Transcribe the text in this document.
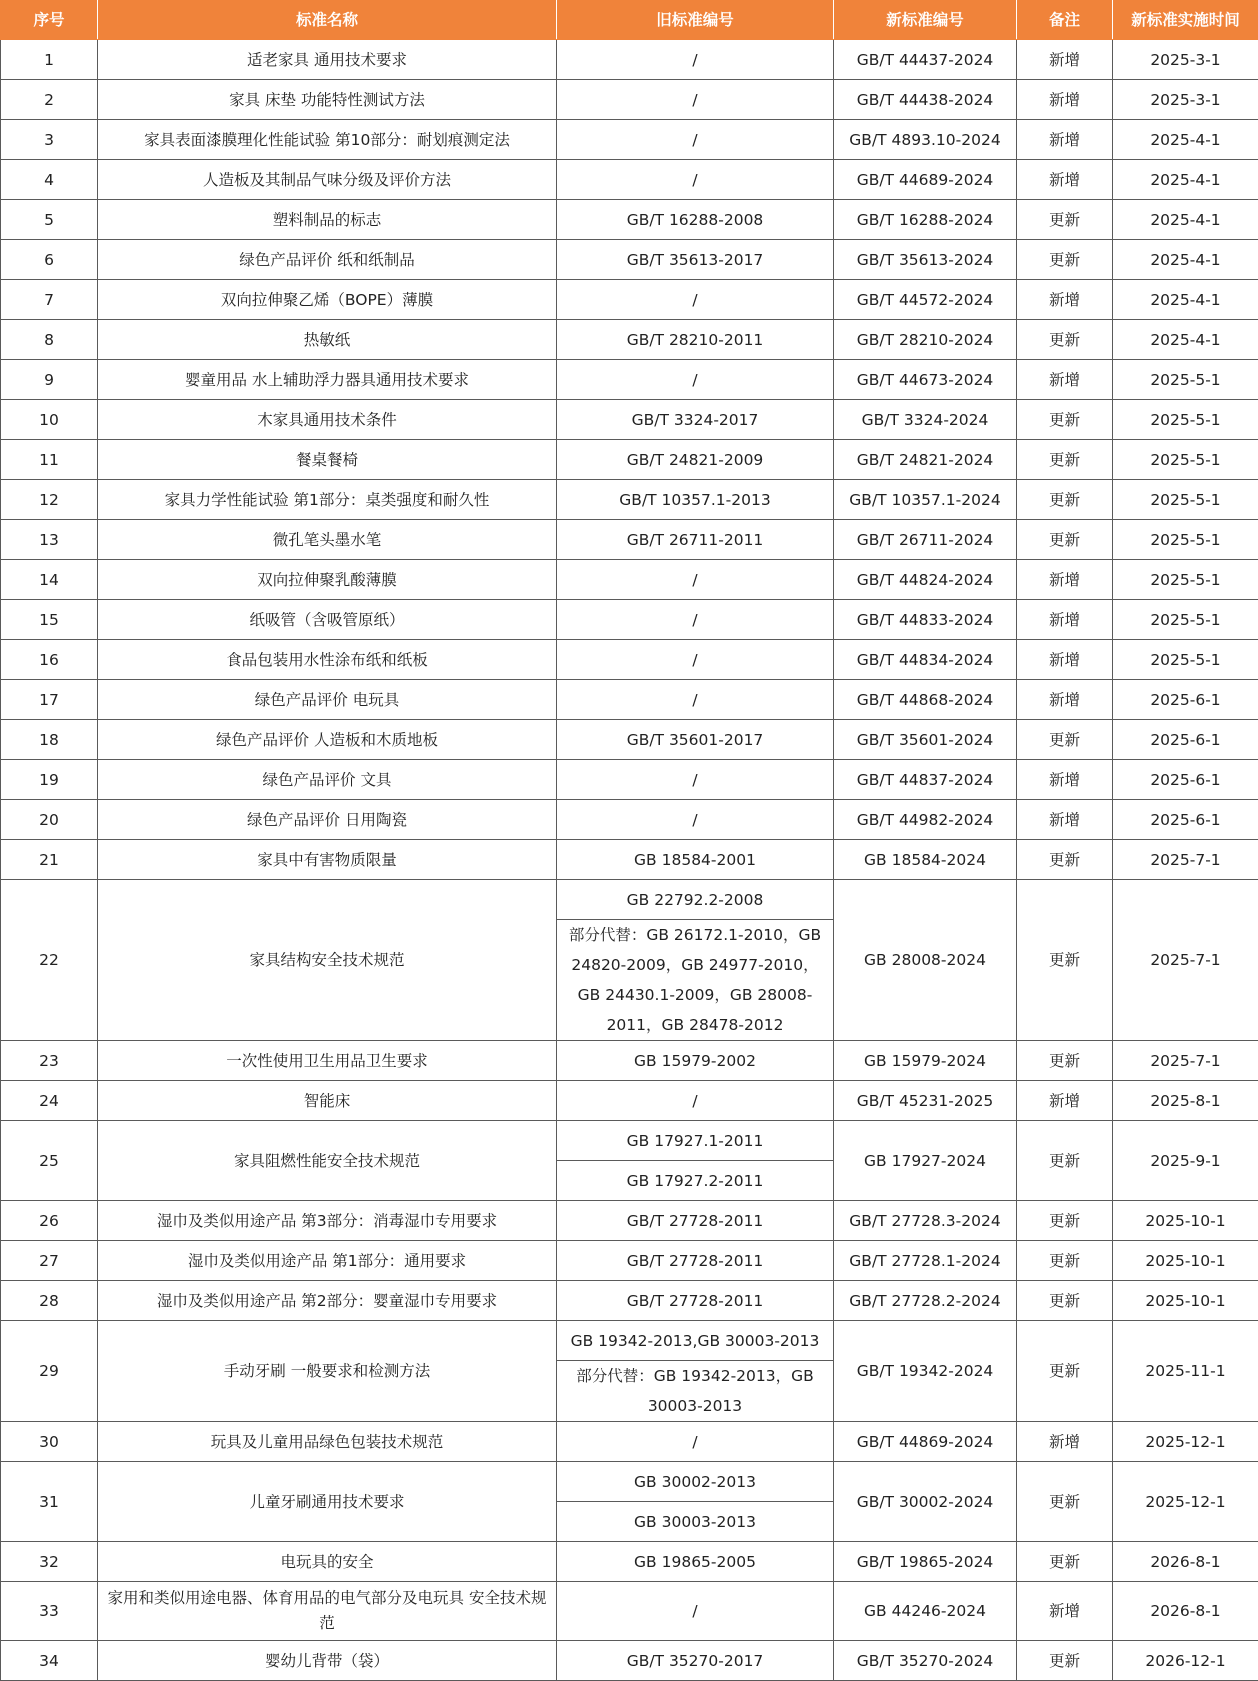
序号	标准名称	旧标准编号	新标准编号	备注	新标准实施时间
1	适老家具 通用技术要求	/	GB/T 44437-2024	新增	2025-3-1
2	家具 床垫 功能特性测试方法	/	GB/T 44438-2024	新增	2025-3-1
3	家具表面漆膜理化性能试验 第10部分：耐划痕测定法	/	GB/T 4893.10-2024	新增	2025-4-1
4	人造板及其制品气味分级及评价方法	/	GB/T 44689-2024	新增	2025-4-1
5	塑料制品的标志	GB/T 16288-2008	GB/T 16288-2024	更新	2025-4-1
6	绿色产品评价 纸和纸制品	GB/T 35613-2017	GB/T 35613-2024	更新	2025-4-1
7	双向拉伸聚乙烯（BOPE）薄膜	/	GB/T 44572-2024	新增	2025-4-1
8	热敏纸	GB/T 28210-2011	GB/T 28210-2024	更新	2025-4-1
9	婴童用品 水上辅助浮力器具通用技术要求	/	GB/T 44673-2024	新增	2025-5-1
10	木家具通用技术条件	GB/T 3324-2017	GB/T 3324-2024	更新	2025-5-1
11	餐桌餐椅	GB/T 24821-2009	GB/T 24821-2024	更新	2025-5-1
12	家具力学性能试验 第1部分：桌类强度和耐久性	GB/T 10357.1-2013	GB/T 10357.1-2024	更新	2025-5-1
13	微孔笔头墨水笔	GB/T 26711-2011	GB/T 26711-2024	更新	2025-5-1
14	双向拉伸聚乳酸薄膜	/	GB/T 44824-2024	新增	2025-5-1
15	纸吸管（含吸管原纸）	/	GB/T 44833-2024	新增	2025-5-1
16	食品包装用水性涂布纸和纸板	/	GB/T 44834-2024	新增	2025-5-1
17	绿色产品评价 电玩具	/	GB/T 44868-2024	新增	2025-6-1
18	绿色产品评价 人造板和木质地板	GB/T 35601-2017	GB/T 35601-2024	更新	2025-6-1
19	绿色产品评价 文具	/	GB/T 44837-2024	新增	2025-6-1
20	绿色产品评价 日用陶瓷	/	GB/T 44982-2024	新增	2025-6-1
21	家具中有害物质限量	GB 18584-2001	GB 18584-2024	更新	2025-7-1
22	家具结构安全技术规范	GB 22792.2-2008	GB 28008-2024	更新	2025-7-1
		部分代替：GB 26172.1-2010，GB 24820-2009，GB 24977-2010，GB 24430.1-2009，GB 28008-2011，GB 28478-2012			
23	一次性使用卫生用品卫生要求	GB 15979-2002	GB 15979-2024	更新	2025-7-1
24	智能床	/	GB/T 45231-2025	新增	2025-8-1
25	家具阻燃性能安全技术规范	GB 17927.1-2011	GB 17927-2024	更新	2025-9-1
		GB 17927.2-2011			
26	湿巾及类似用途产品 第3部分：消毒湿巾专用要求	GB/T 27728-2011	GB/T 27728.3-2024	更新	2025-10-1
27	湿巾及类似用途产品 第1部分：通用要求	GB/T 27728-2011	GB/T 27728.1-2024	更新	2025-10-1
28	湿巾及类似用途产品 第2部分：婴童湿巾专用要求	GB/T 27728-2011	GB/T 27728.2-2024	更新	2025-10-1
29	手动牙刷 一般要求和检测方法	GB 19342-2013,GB 30003-2013	GB/T 19342-2024	更新	2025-11-1
		部分代替：GB 19342-2013，GB 30003-2013			
30	玩具及儿童用品绿色包装技术规范	/	GB/T 44869-2024	新增	2025-12-1
31	儿童牙刷通用技术要求	GB 30002-2013	GB/T 30002-2024	更新	2025-12-1
		GB 30003-2013			
32	电玩具的安全	GB 19865-2005	GB/T 19865-2024	更新	2026-8-1
33	家用和类似用途电器、体育用品的电气部分及电玩具 安全技术规范	/	GB 44246-2024	新增	2026-8-1
34	婴幼儿背带（袋）	GB/T 35270-2017	GB/T 35270-2024	更新	2026-12-1
